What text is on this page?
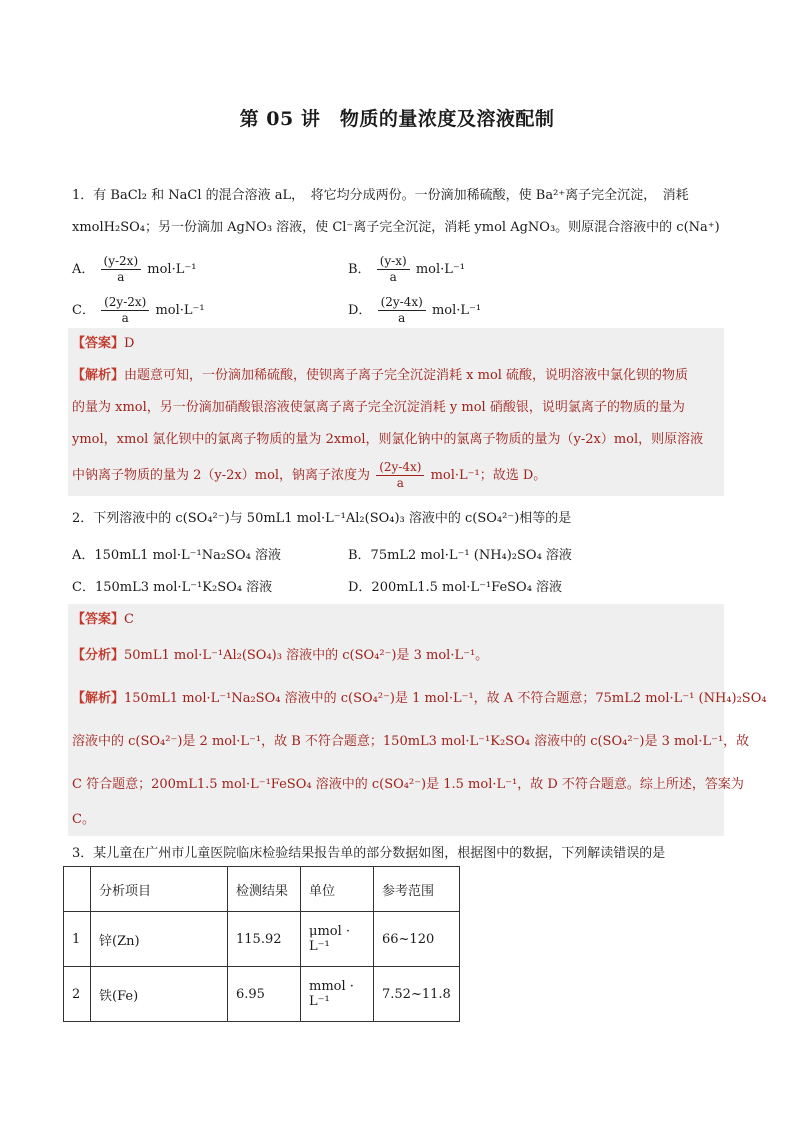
第 05 讲　物质的量浓度及溶液配制
1．有 BaCl₂ 和 NaCl 的混合溶液 aL，　将它均分成两份。一份滴加稀硫酸，使 Ba²⁺离子完全沉淀，　消耗
xmolH₂SO₄；另一份滴加 AgNO₃ 溶液，使 Cl⁻离子完全沉淀，消耗 ymol AgNO₃。则原混合溶液中的 c(Na⁺)
A． $\frac{(y-2x)}{a} mol\cdot L^{-1}$	B． $\frac{(y-x)}{a} mol\cdot L^{-1}$
C． $\frac{(2y-2x)}{a} mol\cdot L^{-1}$	D． $\frac{(2y-4x)}{a} mol\cdot L^{-1}$
【答案】D
【解析】由题意可知，一份滴加稀硫酸，使钡离子离子完全沉淀消耗 x mol 硫酸，说明溶液中氯化钡的物质
的量为 xmol，另一份滴加硝酸银溶液使氯离子离子完全沉淀消耗 y mol 硝酸银，说明氯离子的物质的量为
ymol，xmol 氯化钡中的氯离子物质的量为 2xmol，则氯化钠中的氯离子物质的量为（y-2x）mol，则原溶液
中钠离子物质的量为 2（y-2x）mol，钠离子浓度为 $\frac{(2y-4x)}{a} mol\cdot L^{-1}$；故选 D。
2．下列溶液中的 c(SO₄²⁻)与 50mL1 mol·L⁻¹Al₂(SO₄)₃ 溶液中的 c(SO₄²⁻)相等的是
A．150mL1 mol·L⁻¹Na₂SO₄ 溶液	B．75mL2 mol·L⁻¹ (NH₄)₂SO₄ 溶液
C．150mL3 mol·L⁻¹K₂SO₄ 溶液	D．200mL1.5 mol·L⁻¹FeSO₄ 溶液
【答案】C
【分析】50mL1 mol·L⁻¹Al₂(SO₄)₃ 溶液中的 c(SO₄²⁻)是 3 mol·L⁻¹。
【解析】150mL1 mol·L⁻¹Na₂SO₄ 溶液中的 c(SO₄²⁻)是 1 mol·L⁻¹，故 A 不符合题意；75mL2 mol·L⁻¹ (NH₄)₂SO₄
溶液中的 c(SO₄²⁻)是 2 mol·L⁻¹，故 B 不符合题意；150mL3 mol·L⁻¹K₂SO₄ 溶液中的 c(SO₄²⁻)是 3 mol·L⁻¹，故
C 符合题意；200mL1.5 mol·L⁻¹FeSO₄ 溶液中的 c(SO₄²⁻)是 1.5 mol·L⁻¹，故 D 不符合题意。综上所述，答案为
C。
3．某儿童在广州市儿童医院临床检验结果报告单的部分数据如图，根据图中的数据，下列解读错误的是
	分析项目	检测结果	单位	参考范围
1	锌(Zn)	115.92	μmol · L⁻¹	66~120
2	铁(Fe)	6.95	mmol · L⁻¹	7.52~11.8
